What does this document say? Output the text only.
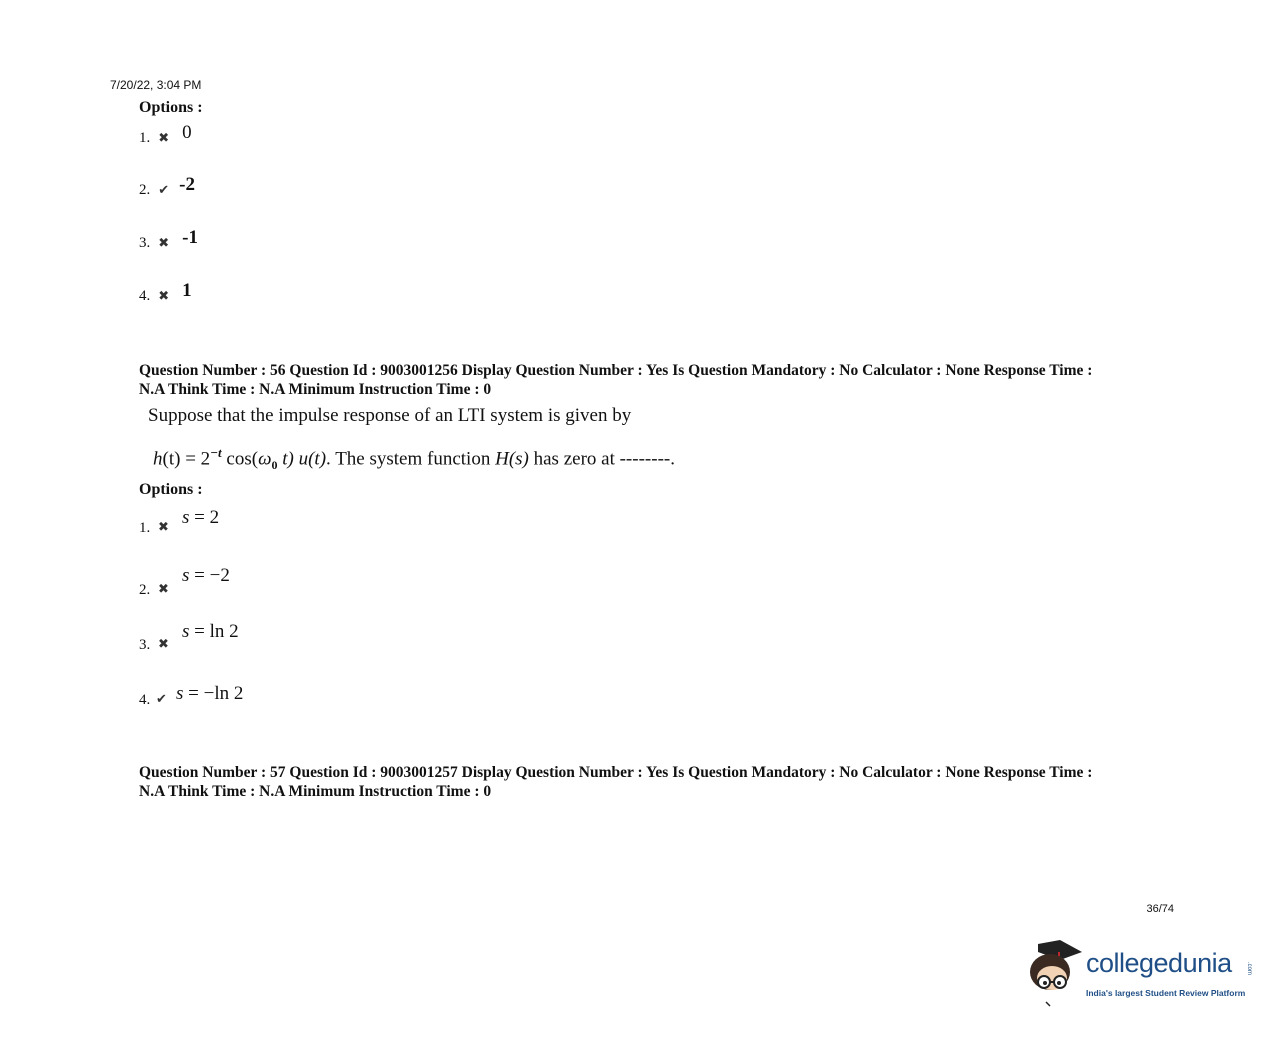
7/20/22, 3:04 PM
Options :
1. ✖ 0
2. ✔ -2
3. ✖ -1
4. ✖ 1
Question Number : 56 Question Id : 9003001256 Display Question Number : Yes Is Question Mandatory : No Calculator : None Response Time :
N.A Think Time : N.A Minimum Instruction Time : 0
Suppose that the impulse response of an LTI system is given by
$h(t) = 2^{-t}$ $\cos(\omega_0$ t) u(t). The system function H(s) has zero at --------.
Options :
1. ✖ s = 2
2. ✖
s = −2
3. ✖
s = ln 2
4. ✔ s = −ln 2
Question Number : 57 Question Id : 9003001257 Display Question Number : Yes Is Question Mandatory : No Calculator : None Response Time :
N.A Think Time : N.A Minimum Instruction Time : 0
36/74
collegedunia .com
India's largest Student Review Platform
